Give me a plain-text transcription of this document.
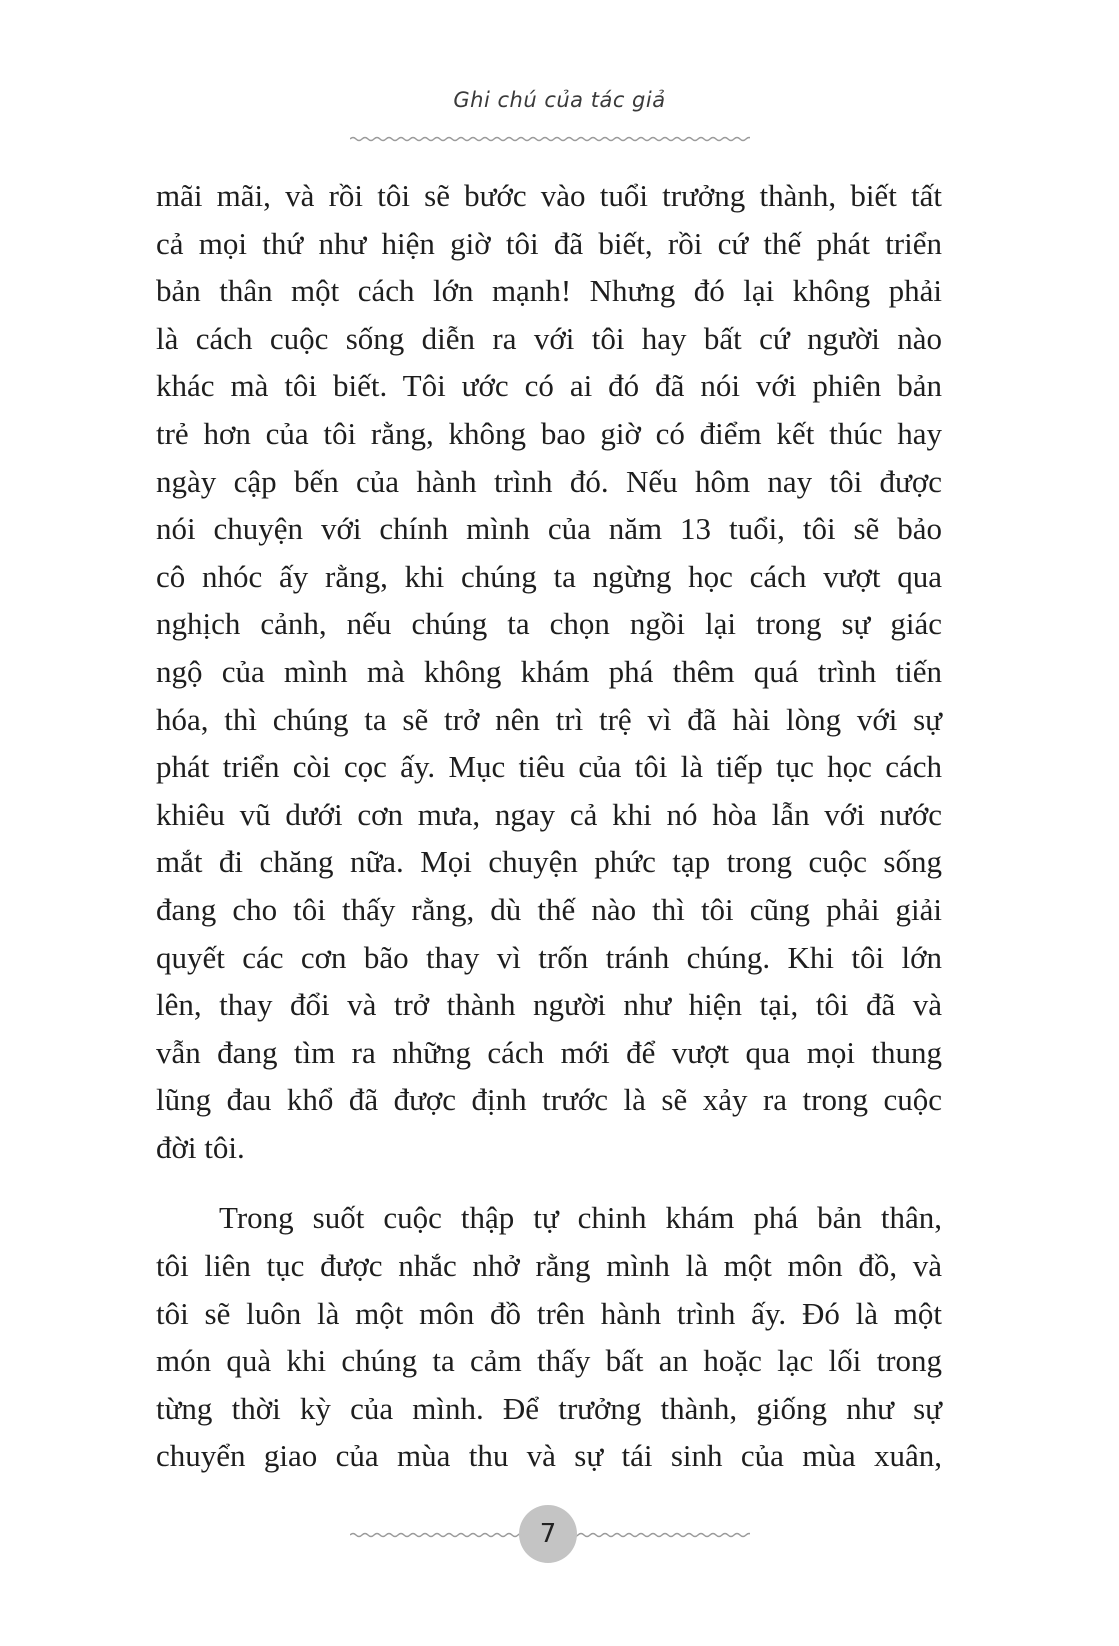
Ghi chú của tác giả

mãi mãi, và rồi tôi sẽ bước vào tuổi trưởng thành, biết tất

cả mọi thứ như hiện giờ tôi đã biết, rồi cứ thế phát triển

bản thân một cách lớn mạnh! Nhưng đó lại không phải

là cách cuộc sống diễn ra với tôi hay bất cứ người nào

khác mà tôi biết. Tôi ước có ai đó đã nói với phiên bản

trẻ hơn của tôi rằng, không bao giờ có điểm kết thúc hay

ngày cập bến của hành trình đó. Nếu hôm nay tôi được

nói chuyện với chính mình của năm 13 tuổi, tôi sẽ bảo

cô nhóc ấy rằng, khi chúng ta ngừng học cách vượt qua

nghịch cảnh, nếu chúng ta chọn ngồi lại trong sự giác

ngộ của mình mà không khám phá thêm quá trình tiến

hóa, thì chúng ta sẽ trở nên trì trệ vì đã hài lòng với sự

phát triển còi cọc ấy. Mục tiêu của tôi là tiếp tục học cách

khiêu vũ dưới cơn mưa, ngay cả khi nó hòa lẫn với nước

mắt đi chăng nữa. Mọi chuyện phức tạp trong cuộc sống

đang cho tôi thấy rằng, dù thế nào thì tôi cũng phải giải

quyết các cơn bão thay vì trốn tránh chúng. Khi tôi lớn

lên, thay đổi và trở thành người như hiện tại, tôi đã và

vẫn đang tìm ra những cách mới để vượt qua mọi thung

lũng đau khổ đã được định trước là sẽ xảy ra trong cuộc

đời tôi.

Trong suốt cuộc thập tự chinh khám phá bản thân,

tôi liên tục được nhắc nhở rằng mình là một môn đồ, và

tôi sẽ luôn là một môn đồ trên hành trình ấy. Đó là một

món quà khi chúng ta cảm thấy bất an hoặc lạc lối trong

từng thời kỳ của mình. Để trưởng thành, giống như sự

chuyển giao của mùa thu và sự tái sinh của mùa xuân,

7
